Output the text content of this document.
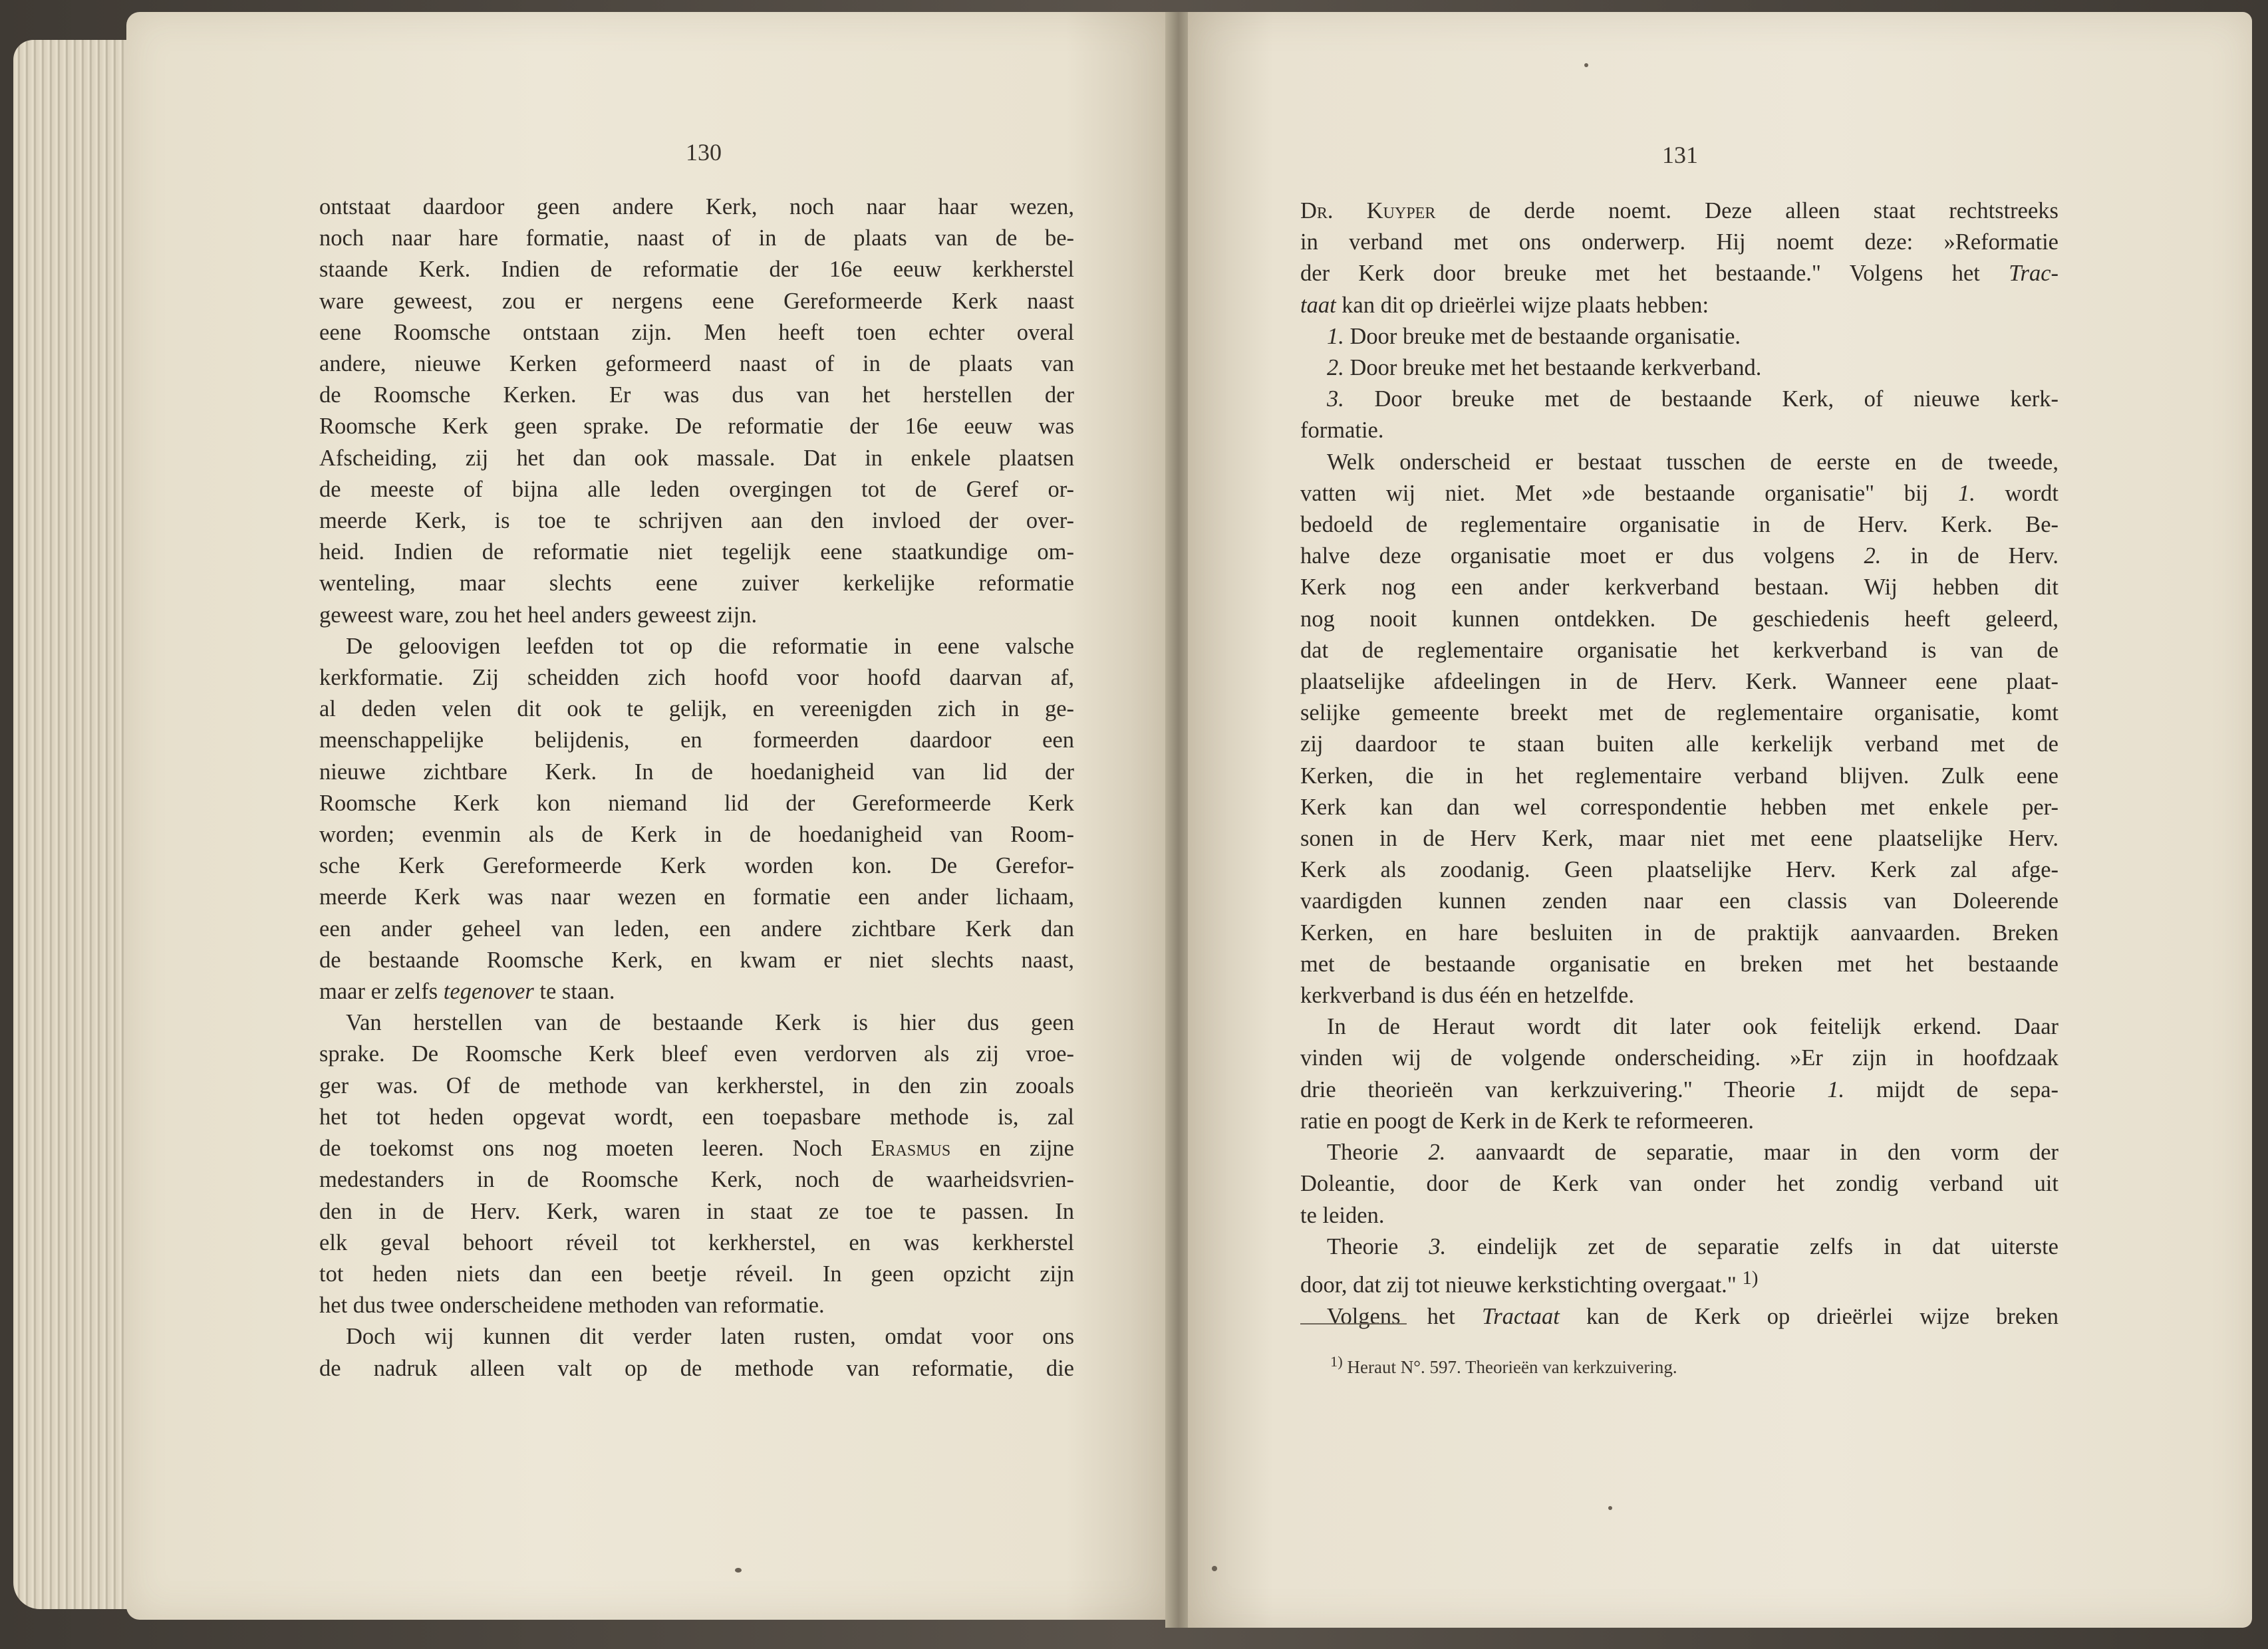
130
ontstaat daardoor geen andere Kerk, noch naar haar wezen,
noch naar hare formatie, naast of in de plaats van de be-
staande Kerk. Indien de reformatie der 16e eeuw kerkherstel
ware geweest, zou er nergens eene Gereformeerde Kerk naast
eene Roomsche ontstaan zijn. Men heeft toen echter overal
andere, nieuwe Kerken geformeerd naast of in de plaats van
de Roomsche Kerken. Er was dus van het herstellen der
Roomsche Kerk geen sprake. De reformatie der 16e eeuw was
Afscheiding, zij het dan ook massale. Dat in enkele plaatsen
de meeste of bijna alle leden overgingen tot de Geref or-
meerde Kerk, is toe te schrijven aan den invloed der over-
heid. Indien de reformatie niet tegelijk eene staatkundige om-
wenteling, maar slechts eene zuiver kerkelijke reformatie
geweest ware, zou het heel anders geweest zijn.
De geloovigen leefden tot op die reformatie in eene valsche
kerkformatie. Zij scheidden zich hoofd voor hoofd daarvan af,
al deden velen dit ook te gelijk, en vereenigden zich in ge-
meenschappelijke belijdenis, en formeerden daardoor een
nieuwe zichtbare Kerk. In de hoedanigheid van lid der
Roomsche Kerk kon niemand lid der Gereformeerde Kerk
worden; evenmin als de Kerk in de hoedanigheid van Room-
sche Kerk Gereformeerde Kerk worden kon. De Gerefor-
meerde Kerk was naar wezen en formatie een ander lichaam,
een ander geheel van leden, een andere zichtbare Kerk dan
de bestaande Roomsche Kerk, en kwam er niet slechts naast,
maar er zelfs tegenover te staan.
Van herstellen van de bestaande Kerk is hier dus geen
sprake. De Roomsche Kerk bleef even verdorven als zij vroe-
ger was. Of de methode van kerkherstel, in den zin zooals
het tot heden opgevat wordt, een toepasbare methode is, zal
de toekomst ons nog moeten leeren. Noch Erasmus en zijne
medestanders in de Roomsche Kerk, noch de waarheidsvrien-
den in de Herv. Kerk, waren in staat ze toe te passen. In
elk geval behoort réveil tot kerkherstel, en was kerkherstel
tot heden niets dan een beetje réveil. In geen opzicht zijn
het dus twee onderscheidene methoden van reformatie.
Doch wij kunnen dit verder laten rusten, omdat voor ons
de nadruk alleen valt op de methode van reformatie, die
131
Dr. Kuyper de derde noemt. Deze alleen staat rechtstreeks
in verband met ons onderwerp. Hij noemt deze: »Reformatie
der Kerk door breuke met het bestaande." Volgens het Trac-
taat kan dit op drieërlei wijze plaats hebben:
1. Door breuke met de bestaande organisatie.
2. Door breuke met het bestaande kerkverband.
3. Door breuke met de bestaande Kerk, of nieuwe kerk-
formatie.
Welk onderscheid er bestaat tusschen de eerste en de tweede,
vatten wij niet. Met »de bestaande organisatie" bij 1. wordt
bedoeld de reglementaire organisatie in de Herv. Kerk. Be-
halve deze organisatie moet er dus volgens 2. in de Herv.
Kerk nog een ander kerkverband bestaan. Wij hebben dit
nog nooit kunnen ontdekken. De geschiedenis heeft geleerd,
dat de reglementaire organisatie het kerkverband is van de
plaatselijke afdeelingen in de Herv. Kerk. Wanneer eene plaat-
selijke gemeente breekt met de reglementaire organisatie, komt
zij daardoor te staan buiten alle kerkelijk verband met de
Kerken, die in het reglementaire verband blijven. Zulk eene
Kerk kan dan wel correspondentie hebben met enkele per-
sonen in de Herv Kerk, maar niet met eene plaatselijke Herv.
Kerk als zoodanig. Geen plaatselijke Herv. Kerk zal afge-
vaardigden kunnen zenden naar een classis van Doleerende
Kerken, en hare besluiten in de praktijk aanvaarden. Breken
met de bestaande organisatie en breken met het bestaande
kerkverband is dus één en hetzelfde.
In de Heraut wordt dit later ook feitelijk erkend. Daar
vinden wij de volgende onderscheiding. »Er zijn in hoofdzaak
drie theorieën van kerkzuivering." Theorie 1. mijdt de sepa-
ratie en poogt de Kerk in de Kerk te reformeeren.
Theorie 2. aanvaardt de separatie, maar in den vorm der
Doleantie, door de Kerk van onder het zondig verband uit
te leiden.
Theorie 3. eindelijk zet de separatie zelfs in dat uiterste
door, dat zij tot nieuwe kerkstichting overgaat." $^{1)}$
Volgens het Tractaat kan de Kerk op drieërlei wijze breken
$^{1)}$ Heraut N°. 597. Theorieën van kerkzuivering.
